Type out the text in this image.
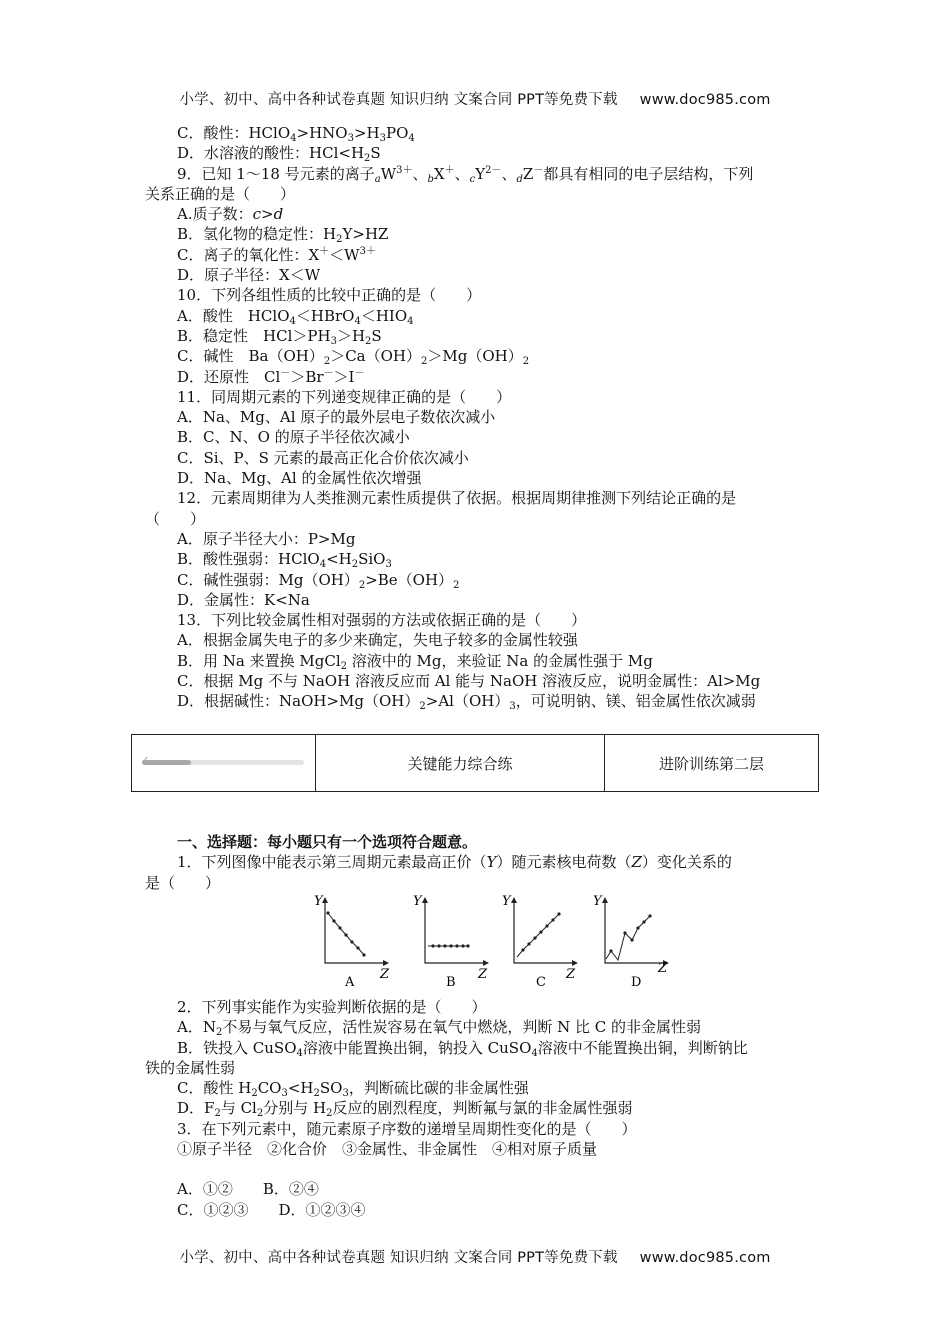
小学、初中、高中各种试卷真题 知识归纳 文案合同 PPT等免费下载 www.doc985.com
C．酸性：$HClO_4>HNO_3>H_3PO_4$
D．水溶液的酸性：$HCl<H_2S$
9．已知 1～18 号元素的离子$_aW^{3+}$、$_b$X＋、$_cY^{2-}$、$_d$Z－都具有相同的电子层结构，下列
关系正确的是（　　）
A.质子数：c>d
B．氢化物的稳定性：$H_2Y>HZ$
C．离子的氧化性：$X^+<W^{3+}$
D．原子半径：X＜W
10．下列各组性质的比较中正确的是（　　）
A．酸性　$HClO_4<HBrO_4<HIO_4$
B．稳定性　$HCl>PH_3>H_2S$
C．碱性　$Ba(OH)_2>Ca(OH)_2>Mg(OH)_2$
D．还原性　Cl－＞Br－＞I－
11．同周期元素的下列递变规律正确的是（　　）
A．Na、Mg、Al 原子的最外层电子数依次减小
B．C、N、O 的原子半径依次减小
C．Si、P、S 元素的最高正化合价依次减小
D．Na、Mg、Al 的金属性依次增强
12．元素周期律为人类推测元素性质提供了依据。根据周期律推测下列结论正确的是
（　　）
A．原子半径大小：P>Mg
B．酸性强弱：$HClO_4<H_2SiO_3$
C．碱性强弱：$Mg(OH)_2>Be(OH)_2$
D．金属性：K<Na
13．下列比较金属性相对强弱的方法或依据正确的是（　　）
A．根据金属失电子的多少来确定，失电子较多的金属性较强
B．用 Na 来置换 MgCl$_2$ 溶液中的 Mg，来验证 Na 的金属性强于 Mg
C．根据 Mg 不与 NaOH 溶液反应而 Al 能与 NaOH 溶液反应，说明金属性：Al>Mg
D．根据碱性：$NaOH>Mg(OH)_2>Al(OH)_3$，可说明钠、镁、铝金属性依次减弱
关键能力综合练	进阶训练第二层
一、选择题：每小题只有一个选项符合题意。
1．下列图像中能表示第三周期元素最高正价（Y）随元素核电荷数（Z）变化关系的
是（　　）
Y
Z
Y
Z
Y
Z
Y
Z
A	B	C	D
2．下列事实能作为实验判断依据的是（　　）
A．$N_2$不易与氧气反应，活性炭容易在氧气中燃烧，判断 N 比 C 的非金属性弱
B．铁投入 CuSO$_4$溶液中能置换出铜，钠投入 CuSO$_4$溶液中不能置换出铜，判断钠比
铁的金属性弱
C．酸性 $H_2CO_3<H_2SO_3$，判断硫比碳的非金属性强
D．$F_2$与 $Cl_2$分别与 $H_2$反应的剧烈程度，判断氟与氯的非金属性强弱
3．在下列元素中，随元素原子序数的递增呈周期性变化的是（　　）
①原子半径　②化合价　③金属性、非金属性　④相对原子质量
A．①②　　B．②④
C．①②③　　D．①②③④
小学、初中、高中各种试卷真题 知识归纳 文案合同 PPT等免费下载 www.doc985.com
